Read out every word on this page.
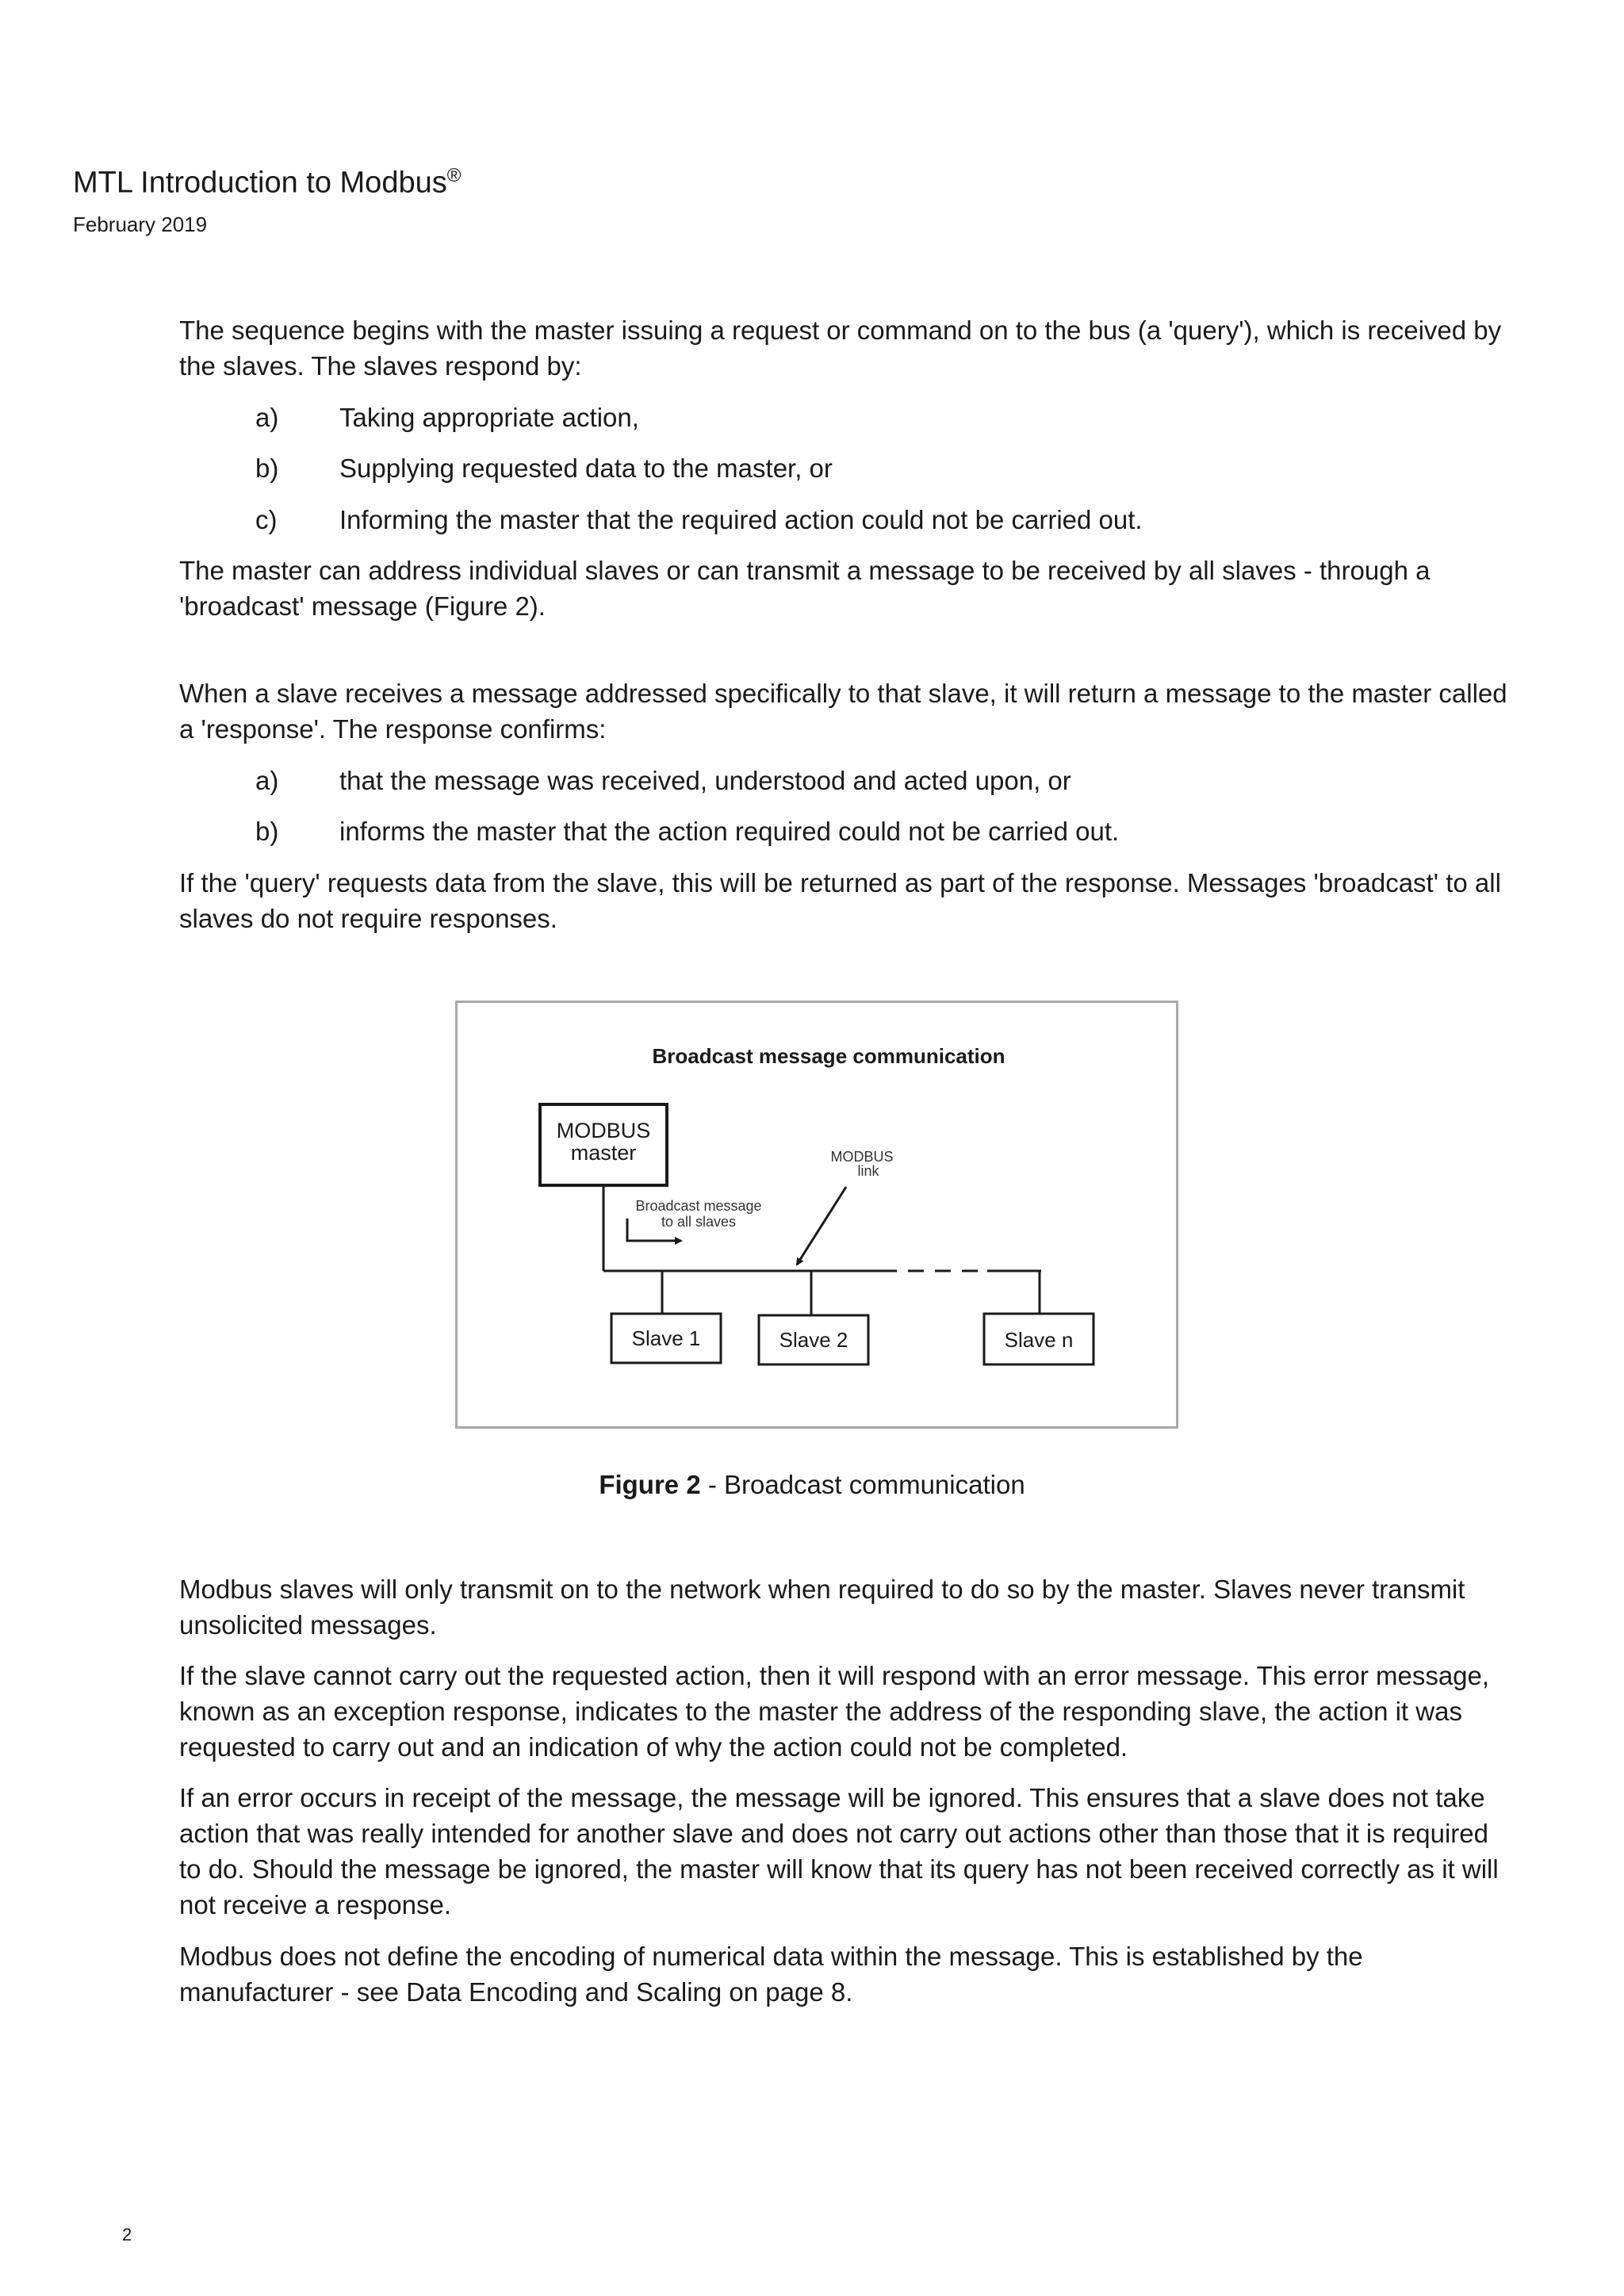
MTL Introduction to Modbus®
February 2019

The sequence begins with the master issuing a request or command on to the bus (a 'query'), which is received by the slaves. The slaves respond by:

a)	Taking appropriate action,
b)	Supplying requested data to the master, or
c)	Informing the master that the required action could not be carried out.

The master can address individual slaves or can transmit a message to be received by all slaves - through a 'broadcast' message (Figure 2).

When a slave receives a message addressed specifically to that slave, it will return a message to the master called a 'response'. The response confirms:

a)	that the message was received, understood and acted upon, or
b)	informs the master that the action required could not be carried out.

If the 'query' requests data from the slave, this will be returned as part of the response. Messages 'broadcast' to all slaves do not require responses.

Broadcast message communication
MODBUS
master
Broadcast message
to all slaves
MODBUS
link
Slave 1	Slave 2	Slave n
Figure 2 - Broadcast communication

Modbus slaves will only transmit on to the network when required to do so by the master. Slaves never transmit unsolicited messages.

If the slave cannot carry out the requested action, then it will respond with an error message. This error message, known as an exception response, indicates to the master the address of the responding slave, the action it was requested to carry out and an indication of why the action could not be completed.

If an error occurs in receipt of the message, the message will be ignored. This ensures that a slave does not take action that was really intended for another slave and does not carry out actions other than those that it is required to do. Should the message be ignored, the master will know that its query has not been received correctly as it will not receive a response.

Modbus does not define the encoding of numerical data within the message. This is established by the manufacturer - see Data Encoding and Scaling on page 8.

2
